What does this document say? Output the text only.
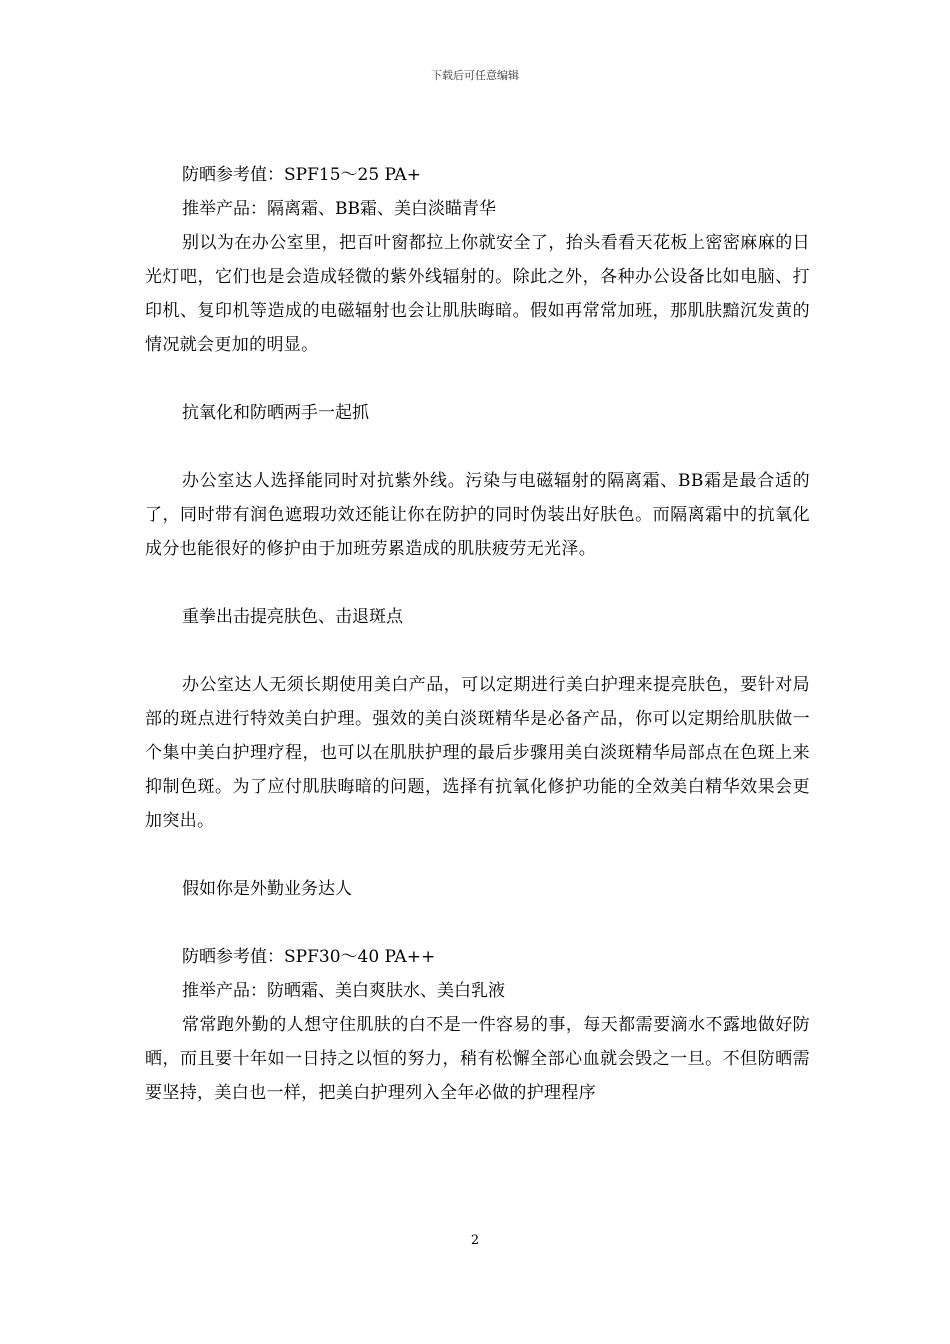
下载后可任意编辑
防晒参考值：SPF15～25 PA+
推举产品：隔离霜、BB霜、美白淡瞄青华
别以为在办公室里，把百叶窗都拉上你就安全了，抬头看看天花板上密密麻麻的日光灯吧，它们也是会造成轻微的紫外线辐射的。除此之外，各种办公设备比如电脑、打印机、复印机等造成的电磁辐射也会让肌肤晦暗。假如再常常加班，那肌肤黯沉发黄的情况就会更加的明显。
抗氧化和防晒两手一起抓
办公室达人选择能同时对抗紫外线。污染与电磁辐射的隔离霜、BB霜是最合适的了，同时带有润色遮瑕功效还能让你在防护的同时伪装出好肤色。而隔离霜中的抗氧化成分也能很好的修护由于加班劳累造成的肌肤疲劳无光泽。
重拳出击提亮肤色、击退斑点
办公室达人无须长期使用美白产品，可以定期进行美白护理来提亮肤色，要针对局部的斑点进行特效美白护理。强效的美白淡斑精华是必备产品，你可以定期给肌肤做一个集中美白护理疗程，也可以在肌肤护理的最后步骤用美白淡斑精华局部点在色斑上来抑制色斑。为了应付肌肤晦暗的问题，选择有抗氧化修护功能的全效美白精华效果会更加突出。
假如你是外勤业务达人
防晒参考值：SPF30～40 PA++
推举产品：防晒霜、美白爽肤水、美白乳液
常常跑外勤的人想守住肌肤的白不是一件容易的事，每天都需要滴水不露地做好防晒，而且要十年如一日持之以恒的努力，稍有松懈全部心血就会毁之一旦。不但防晒需要坚持，美白也一样，把美白护理列入全年必做的护理程序
2
